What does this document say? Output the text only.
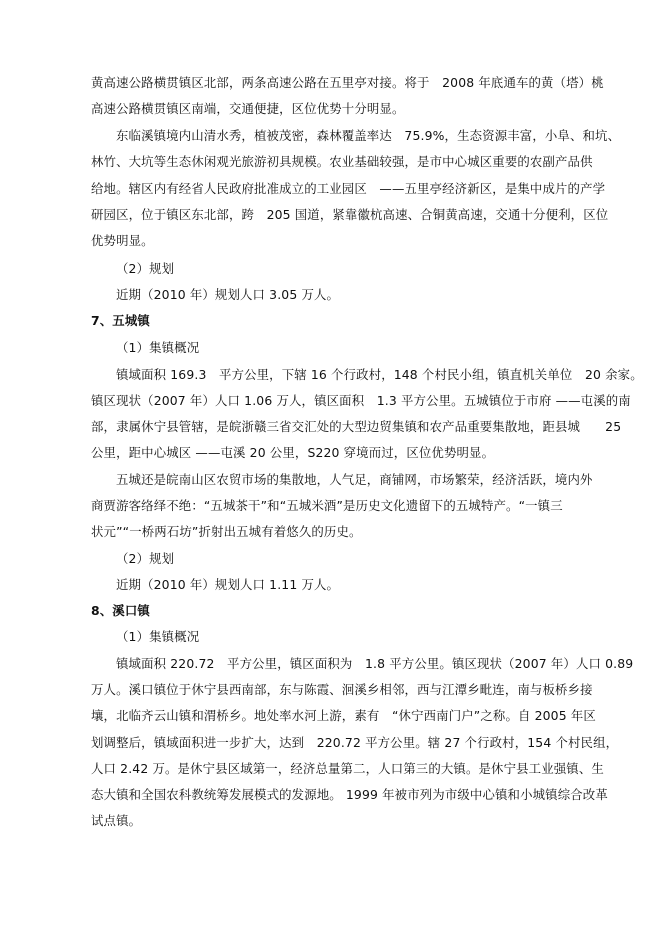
黄高速公路横贯镇区北部，两条高速公路在五里亭对接。将于　2008 年底通车的黄（塔）桃
高速公路横贯镇区南端，交通便捷，区位优势十分明显。
东临溪镇境内山清水秀，植被茂密，森林覆盖率达　75.9%，生态资源丰富，小阜、和坑、
林竹、大坑等生态休闲观光旅游初具规模。农业基础较强，是市中心城区重要的农副产品供
给地。辖区内有经省人民政府批准成立的工业园区　——五里亭经济新区，是集中成片的产学
研园区，位于镇区东北部，跨　205 国道，紧靠徽杭高速、合铜黄高速，交通十分便利，区位
优势明显。
（2）规划
近期（2010 年）规划人口 3.05 万人。
7、五城镇
（1）集镇概况
镇域面积 169.3　平方公里，下辖 16 个行政村，148 个村民小组，镇直机关单位　20 余家。
镇区现状（2007 年）人口 1.06 万人，镇区面积　1.3 平方公里。五城镇位于市府 ——屯溪的南
部，隶属休宁县管辖，是皖浙赣三省交汇处的大型边贸集镇和农产品重要集散地，距县城　　25
公里，距中心城区 ——屯溪 20 公里，S220 穿境而过，区位优势明显。
五城还是皖南山区农贸市场的集散地，人气足，商铺网，市场繁荣，经济活跃，境内外
商贾游客络绎不绝：“五城茶干”和“五城米酒”是历史文化遗留下的五城特产。“一镇三
状元”“一桥两石坊”折射出五城有着悠久的历史。
（2）规划
近期（2010 年）规划人口 1.11 万人。
8、溪口镇
（1）集镇概况
镇域面积 220.72　平方公里，镇区面积为　1.8 平方公里。镇区现状（2007 年）人口 0.89
万人。溪口镇位于休宁县西南部，东与陈霞、洄溪乡相邻，西与江潭乡毗连，南与板桥乡接
壤，北临齐云山镇和渭桥乡。地处率水河上游，素有　“休宁西南门户”之称。自 2005 年区
划调整后，镇域面积进一步扩大，达到　220.72 平方公里。辖 27 个行政村，154 个村民组，
人口 2.42 万。是休宁县区域第一，经济总量第二，人口第三的大镇。是休宁县工业强镇、生
态大镇和全国农科教统筹发展模式的发源地。 1999 年被市列为市级中心镇和小城镇综合改革
试点镇。
